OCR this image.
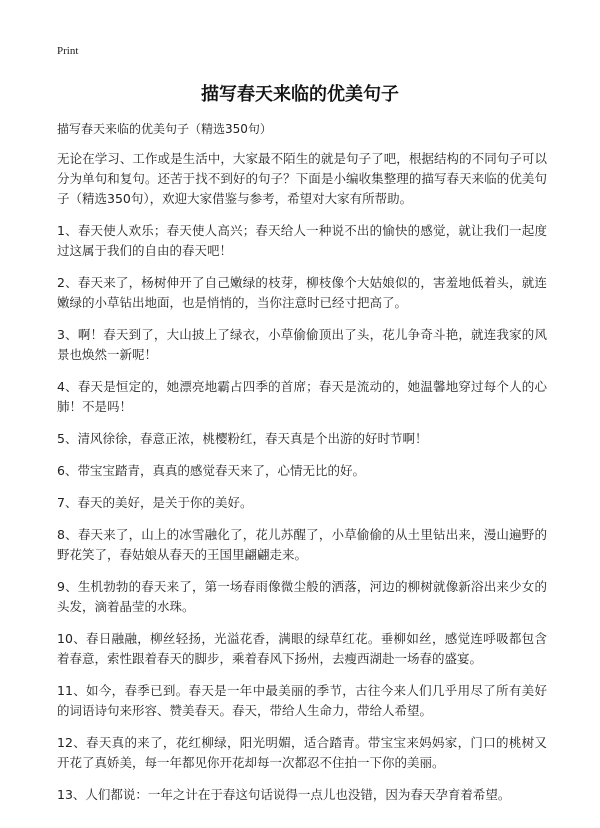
Print
描写春天来临的优美句子
描写春天来临的优美句子（精选350句）

无论在学习、工作或是生活中，大家最不陌生的就是句子了吧，根据结构的不同句子可以分为单句和复句。还苦于找不到好的句子？下面是小编收集整理的描写春天来临的优美句子（精选350句），欢迎大家借鉴与参考，希望对大家有所帮助。

1、春天使人欢乐；春天使人高兴；春天给人一种说不出的愉快的感觉，就让我们一起度过这属于我们的自由的春天吧！

2、春天来了，杨树伸开了自己嫩绿的枝芽，柳枝像个大姑娘似的，害羞地低着头，就连嫩绿的小草钻出地面，也是悄悄的，当你注意时已经寸把高了。

3、啊！春天到了，大山披上了绿衣，小草偷偷顶出了头，花儿争奇斗艳，就连我家的风景也焕然一新呢！

4、春天是恒定的，她漂亮地霸占四季的首席；春天是流动的，她温馨地穿过每个人的心肺！不是吗！

5、清风徐徐，春意正浓，桃樱粉红，春天真是个出游的好时节啊！

6、带宝宝踏青，真真的感觉春天来了，心情无比的好。

7、春天的美好，是关于你的美好。

8、春天来了，山上的冰雪融化了，花儿苏醒了，小草偷偷的从土里钻出来，漫山遍野的野花笑了，春姑娘从春天的王国里翩翩走来。

9、生机勃勃的春天来了，第一场春雨像微尘般的洒落，河边的柳树就像新浴出来少女的头发，滴着晶莹的水珠。

10、春日融融，柳丝轻扬，光溢花香，满眼的绿草红花。垂柳如丝，感觉连呼吸都包含着春意，索性跟着春天的脚步，乘着春风下扬州，去瘦西湖赴一场春的盛宴。

11、如今，春季已到。春天是一年中最美丽的季节，古往今来人们几乎用尽了所有美好的词语诗句来形容、赞美春天。春天，带给人生命力，带给人希望。

12、春天真的来了，花红柳绿，阳光明媚，适合踏青。带宝宝来妈妈家，门口的桃树又开花了真娇美，每一年都见你开花却每一次都忍不住拍一下你的美丽。

13、人们都说：一年之计在于春这句话说得一点儿也没错，因为春天孕育着希望。
